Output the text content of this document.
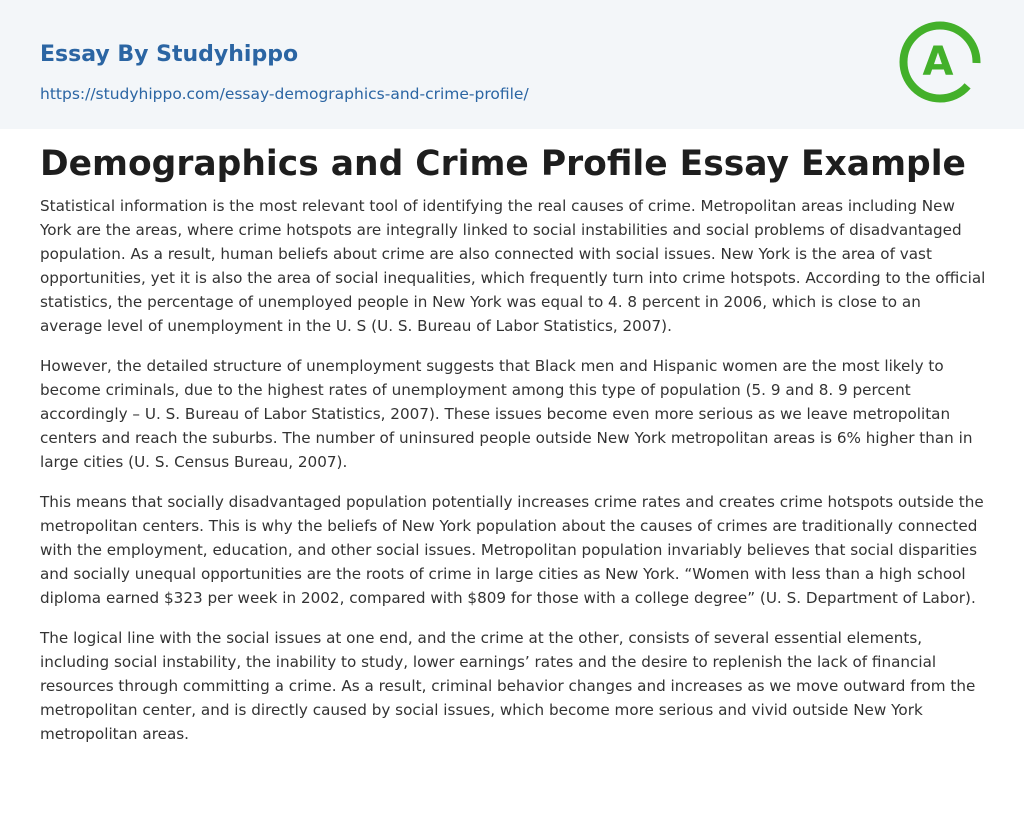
Essay By Studyhippo
https://studyhippo.com/essay-demographics-and-crime-profile/
A
Demographics and Crime Profile Essay Example

Statistical information is the most relevant tool of identifying the real causes of crime. Metropolitan areas including New York are the areas, where crime hotspots are integrally linked to social instabilities and social problems of disadvantaged population. As a result, human beliefs about crime are also connected with social issues. New York is the area of vast opportunities, yet it is also the area of social inequalities, which frequently turn into crime hotspots. According to the official statistics, the percentage of unemployed people in New York was equal to 4. 8 percent in 2006, which is close to an average level of unemployment in the U. S (U. S. Bureau of Labor Statistics, 2007).

However, the detailed structure of unemployment suggests that Black men and Hispanic women are the most likely to become criminals, due to the highest rates of unemployment among this type of population (5. 9 and 8. 9 percent accordingly – U. S. Bureau of Labor Statistics, 2007). These issues become even more serious as we leave metropolitan centers and reach the suburbs. The number of uninsured people outside New York metropolitan areas is 6% higher than in large cities (U. S. Census Bureau, 2007).

This means that socially disadvantaged population potentially increases crime rates and creates crime hotspots outside the metropolitan centers. This is why the beliefs of New York population about the causes of crimes are traditionally connected with the employment, education, and other social issues. Metropolitan population invariably believes that social disparities and socially unequal opportunities are the roots of crime in large cities as New York. “Women with less than a high school diploma earned $323 per week in 2002, compared with $809 for those with a college degree” (U. S. Department of Labor).

The logical line with the social issues at one end, and the crime at the other, consists of several essential elements, including social instability, the inability to study, lower earnings’ rates and the desire to replenish the lack of financial resources through committing a crime. As a result, criminal behavior changes and increases as we move outward from the metropolitan center, and is directly caused by social issues, which become more serious and vivid outside New York metropolitan areas.
